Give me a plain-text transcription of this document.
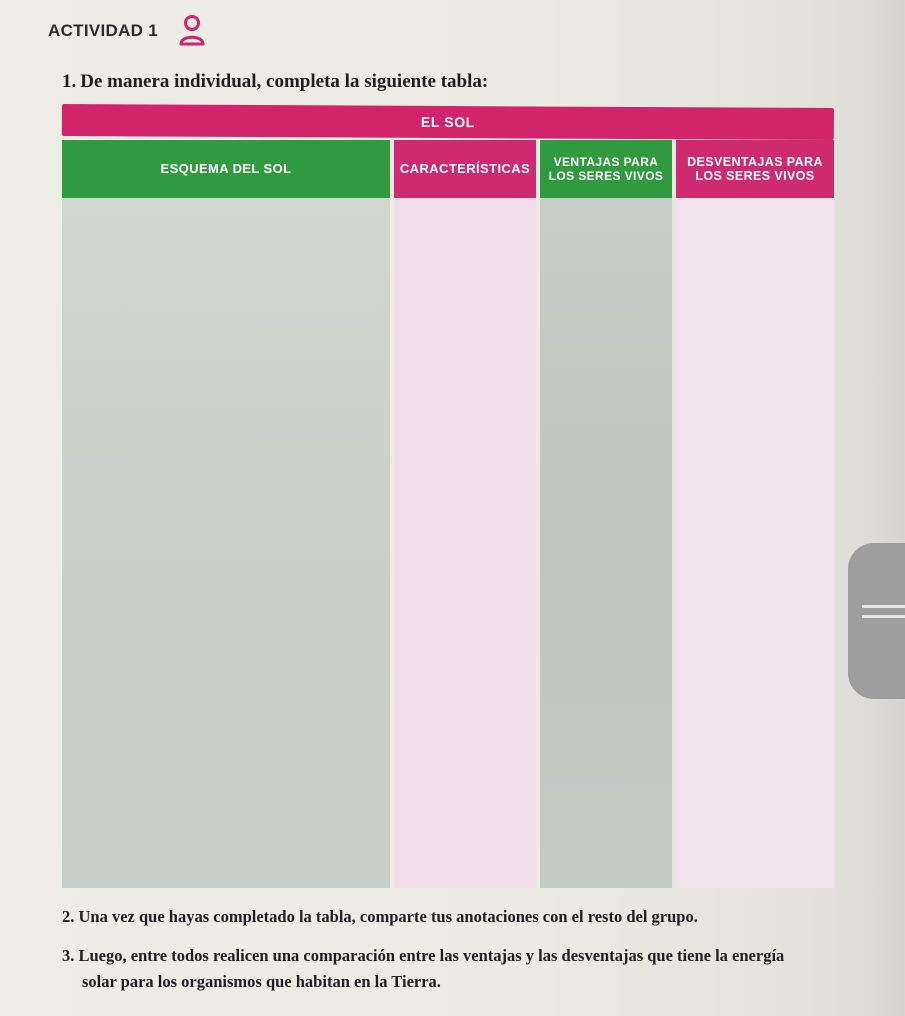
ACTIVIDAD 1
1. De manera individual, completa la siguiente tabla:
EL SOL
ESQUEMA DEL SOL	CARACTERÍSTICAS	VENTAJAS PARA LOS SERES VIVOS
DESVENTAJAS PARA LOS SERES VIVOS
2. Una vez que hayas completado la tabla, comparte tus anotaciones con el resto del grupo.
3. Luego, entre todos realicen una comparación entre las ventajas y las desventajas que tiene la energía
solar para los organismos que habitan en la Tierra.
